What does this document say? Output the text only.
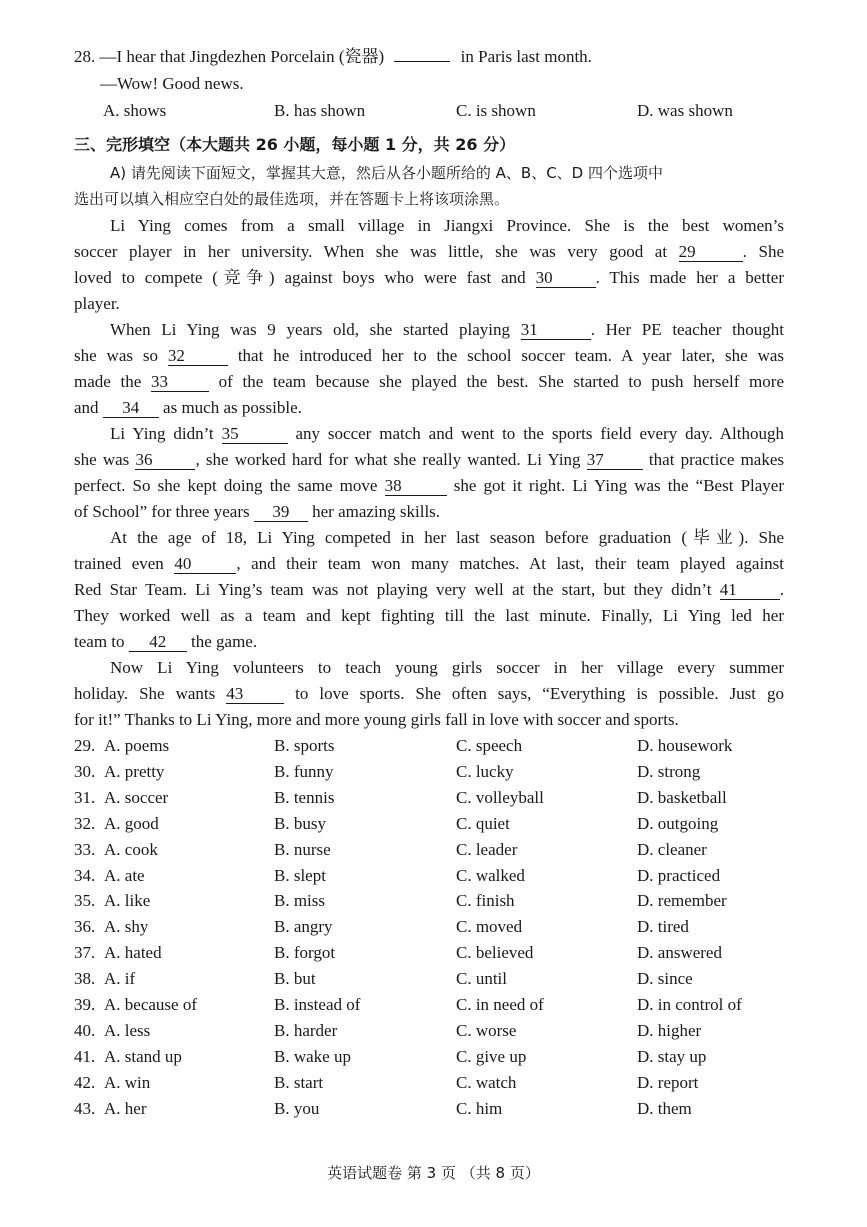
28. —I hear that Jingdezhen Porcelain (瓷器)	in Paris last month.
—Wow! Good news.
A. shows	B. has shown	C. is shown	D. was shown
三、完形填空（本大题共 26 小题，每小题 1 分，共 26 分）
A) 请先阅读下面短文，掌握其大意，然后从各小题所给的 A、B、C、D 四个选项中
选出可以填入相应空白处的最佳选项，并在答题卡上将该项涂黑。
Li Ying comes from a small village in Jiangxi Province. She is the best women’s
soccer player in her university. When she was little, she was very good at 29	. She
loved to compete (竞争) against boys who were fast and 30	. This made her a better
player.
When Li Ying was 9 years old, she started playing 31	. Her PE teacher thought
she was so 32	that he introduced her to the school soccer team. A year later, she was
made the 33	of the team because she played the best. She started to push herself more
and 34 as much as possible.
Li Ying didn’t 35	any soccer match and went to the sports field every day. Although
she was 36	, she worked hard for what she really wanted. Li Ying 37	that practice makes
perfect. So she kept doing the same move 38	she got it right. Li Ying was the “Best Player
of School” for three years 39 her amazing skills.
At the age of 18, Li Ying competed in her last season before graduation (毕业). She
trained even 40	, and their team won many matches. At last, their team played against
Red Star Team. Li Ying’s team was not playing very well at the start, but they didn’t 41	.
They worked well as a team and kept fighting till the last minute. Finally, Li Ying led her
team to 42 the game.
Now Li Ying volunteers to teach young girls soccer in her village every summer
holiday. She wants 43	to love sports. She often says, “Everything is possible. Just go
for it!” Thanks to Li Ying, more and more young girls fall in love with soccer and sports.
29. A. poems	B. sports	C. speech	D. housework
30. A. pretty	B. funny	C. lucky	D. strong
31. A. soccer	B. tennis	C. volleyball	D. basketball
32. A. good	B. busy	C. quiet	D. outgoing
33. A. cook	B. nurse	C. leader	D. cleaner
34. A. ate	B. slept	C. walked	D. practiced
35. A. like	B. miss	C. finish	D. remember
36. A. shy	B. angry	C. moved	D. tired
37. A. hated	B. forgot	C. believed	D. answered
38. A. if	B. but	C. until	D. since
39. A. because of	B. instead of	C. in need of	D. in control of
40. A. less	B. harder	C. worse	D. higher
41. A. stand up	B. wake up	C. give up	D. stay up
42. A. win	B. start	C. watch	D. report
43. A. her	B. you	C. him	D. them
英语试题卷 第 3 页 （共 8 页）
